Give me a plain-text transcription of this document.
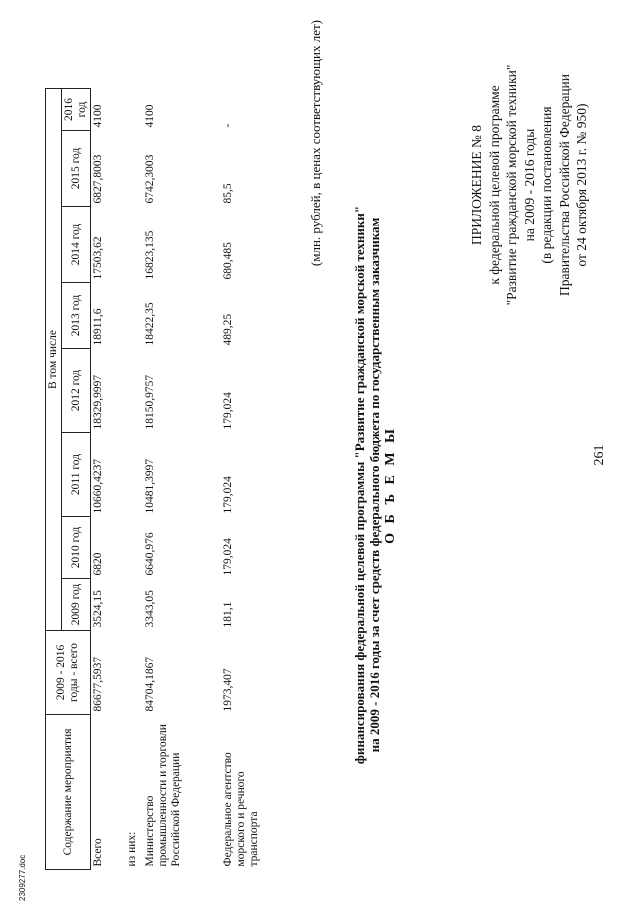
261
ПРИЛОЖЕНИЕ № 8 к федеральной целевой программе "Развитие гражданской морской техники" на 2009 - 2016 годы (в редакции постановления Правительства Российской Федерации от 24 октября 2013 г. № 950)
О Б Ъ Е М Ы
финансирования федеральной целевой программы "Развитие гражданской морской техники" на 2009 - 2016 годы за счет средств федерального бюджета по государственным заказчикам
(млн. рублей, в ценах соответствующих лет)
Содержание мероприятия	2009 - 2016 годы - всего	В том числе							
		2009 год	2010 год	2011 год	2012 год	2013 год	2014 год	2015 год	2016 год
Всего	86677,5937	3524,15	6820	10660,4237	18329,9997	18911,6	17503,62	6827,8003	4100
из них:									
Министерство промышленности и торговли Российской Федерации	84704,1867	3343,05	6640,976	10481,3997	18150,9757	18422,35	16823,135	6742,3003	4100
Федеральное агентство морского и речного транспорта	1973,407	181,1	179,024	179,024	179,024	489,25	680,485	85,5	-
2309277.doc
